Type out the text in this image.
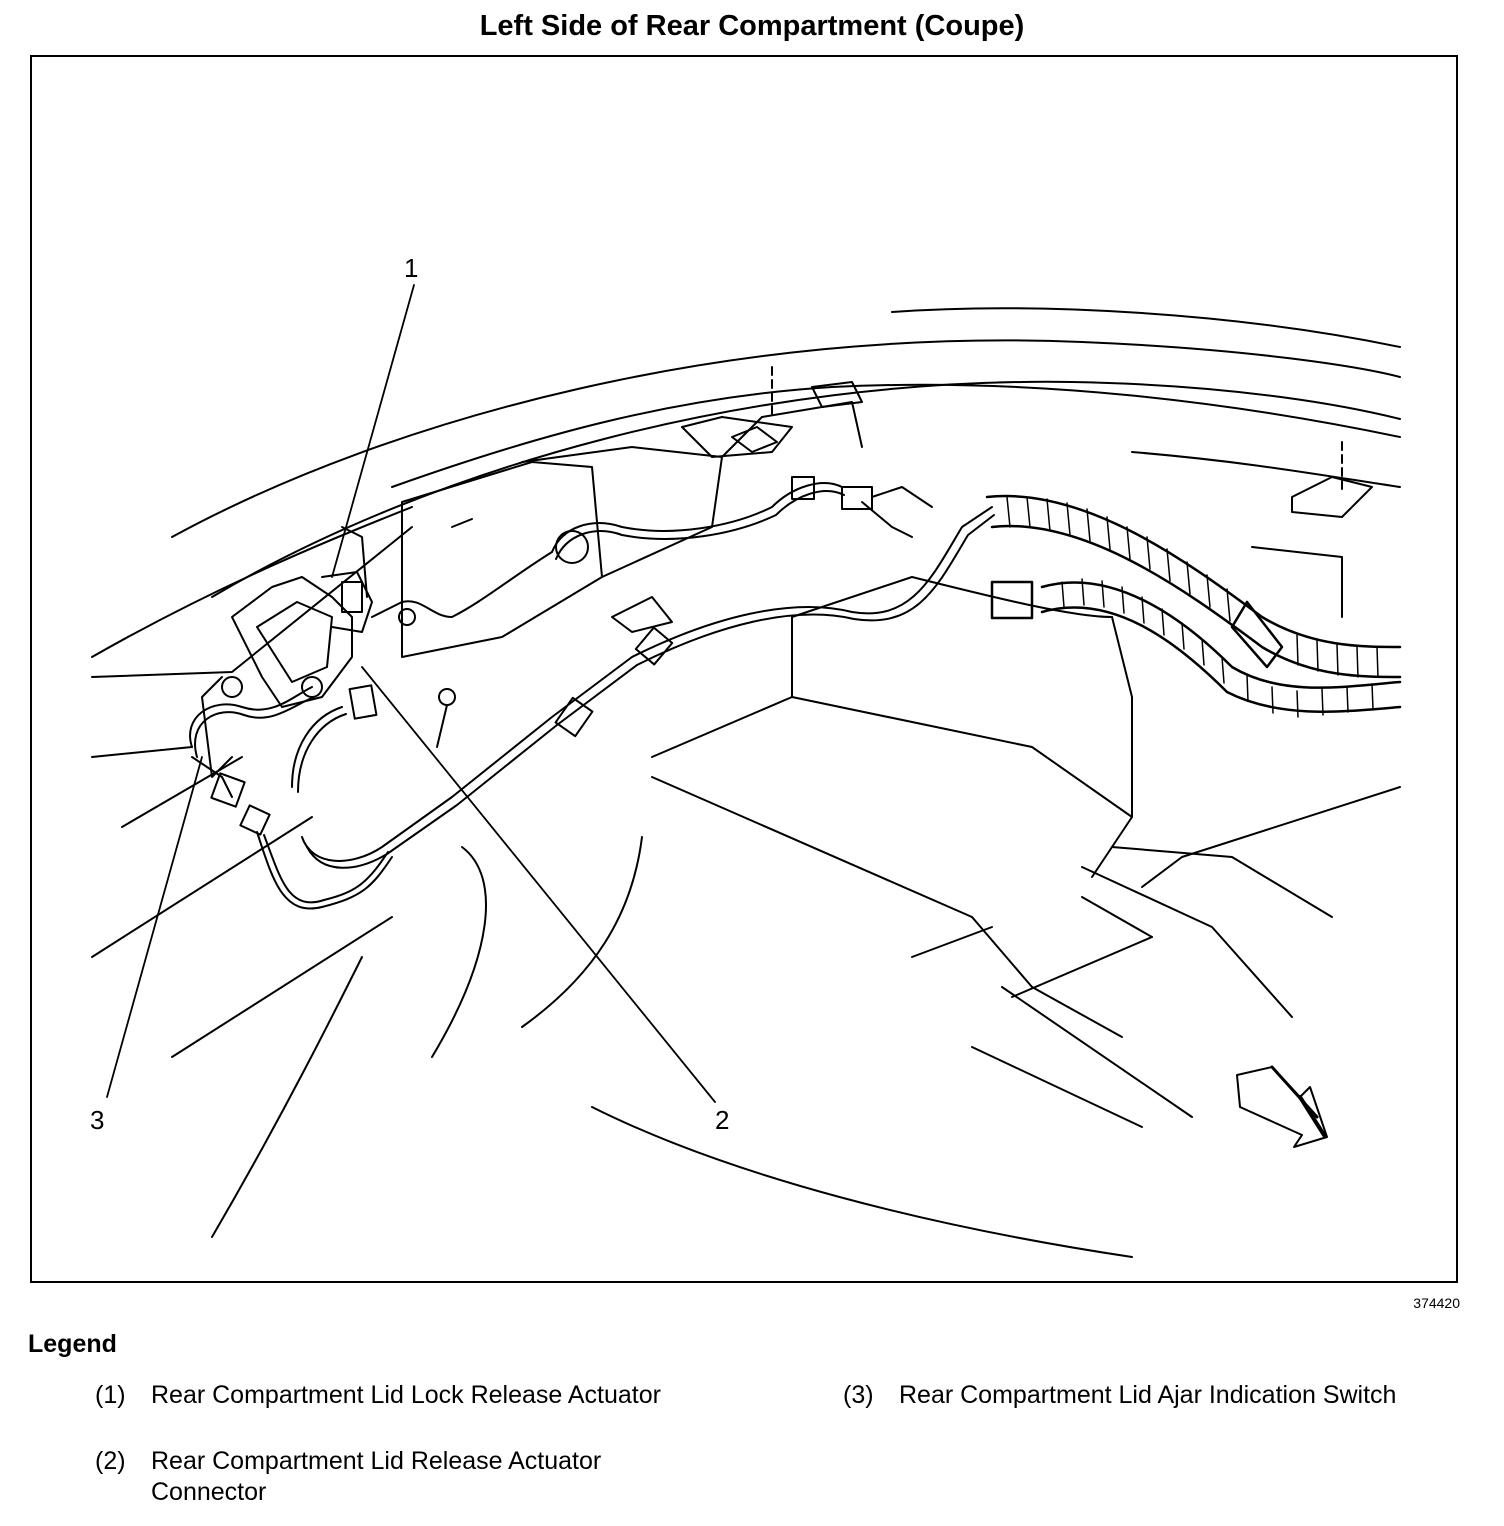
Left Side of Rear Compartment (Coupe)
1
2
3
374420
Legend
(1) Rear Compartment Lid Lock Release Actuator
(2) Rear Compartment Lid Release Actuator Connector
(3) Rear Compartment Lid Ajar Indication Switch
